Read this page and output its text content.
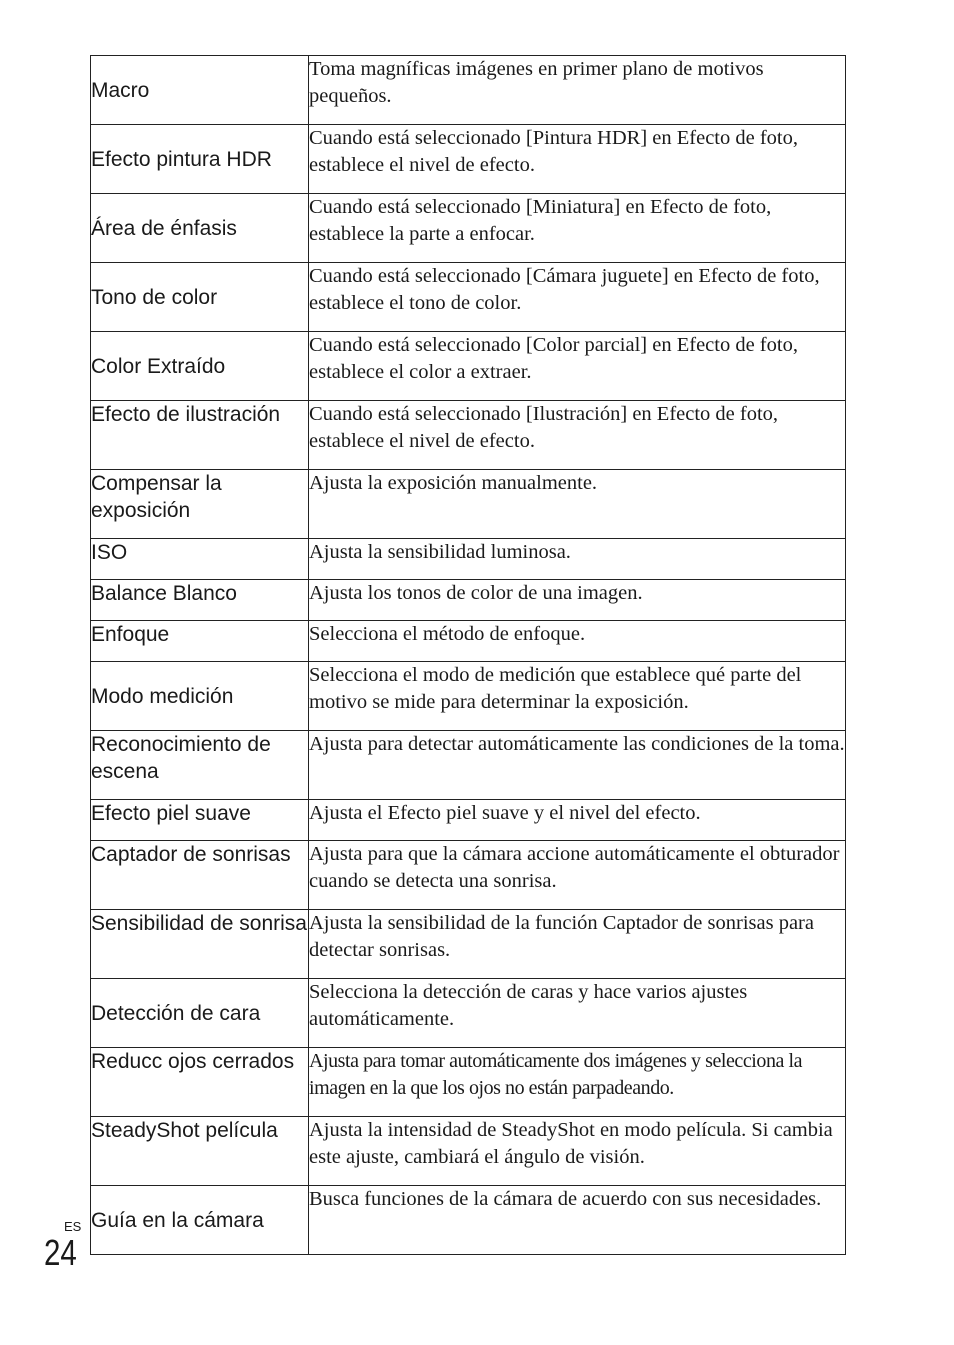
Macro	Toma magníficas imágenes en primer plano de motivos pequeños.
Efecto pintura HDR	Cuando está seleccionado [Pintura HDR] en Efecto de foto, establece el nivel de efecto.
Área de énfasis	Cuando está seleccionado [Miniatura] en Efecto de foto, establece la parte a enfocar.
Tono de color	Cuando está seleccionado [Cámara juguete] en Efecto de foto, establece el tono de color.
Color Extraído	Cuando está seleccionado [Color parcial] en Efecto de foto, establece el color a extraer.
Efecto de ilustración	Cuando está seleccionado [Ilustración] en Efecto de foto, establece el nivel de efecto.
Compensar la exposición	Ajusta la exposición manualmente.
ISO	Ajusta la sensibilidad luminosa.
Balance Blanco	Ajusta los tonos de color de una imagen.
Enfoque	Selecciona el método de enfoque.
Modo medición	Selecciona el modo de medición que establece qué parte del motivo se mide para determinar la exposición.
Reconocimiento de escena	Ajusta para detectar automáticamente las condiciones de la toma.
Efecto piel suave	Ajusta el Efecto piel suave y el nivel del efecto.
Captador de sonrisas	Ajusta para que la cámara accione automáticamente el obturador cuando se detecta una sonrisa.
Sensibilidad de sonrisa	Ajusta la sensibilidad de la función Captador de sonrisas para detectar sonrisas.
Detección de cara	Selecciona la detección de caras y hace varios ajustes automáticamente.
Reducc ojos cerrados	Ajusta para tomar automáticamente dos imágenes y selecciona la imagen en la que los ojos no están parpadeando.
SteadyShot película	Ajusta la intensidad de SteadyShot en modo película. Si cambia este ajuste, cambiará el ángulo de visión.
Guía en la cámara	Busca funciones de la cámara de acuerdo con sus necesidades.
ES
24
